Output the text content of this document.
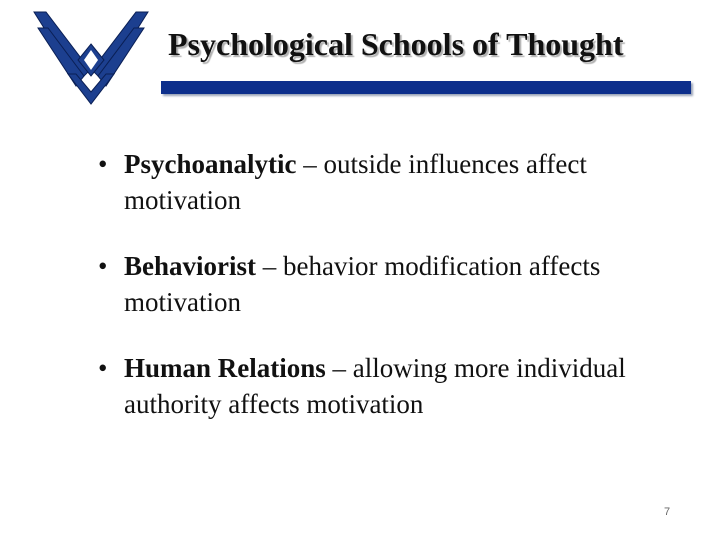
Psychological Schools of Thought
• Psychoanalytic – outside influences affect motivation
• Behaviorist – behavior modification affects motivation
• Human Relations – allowing more individual authority affects motivation
7
